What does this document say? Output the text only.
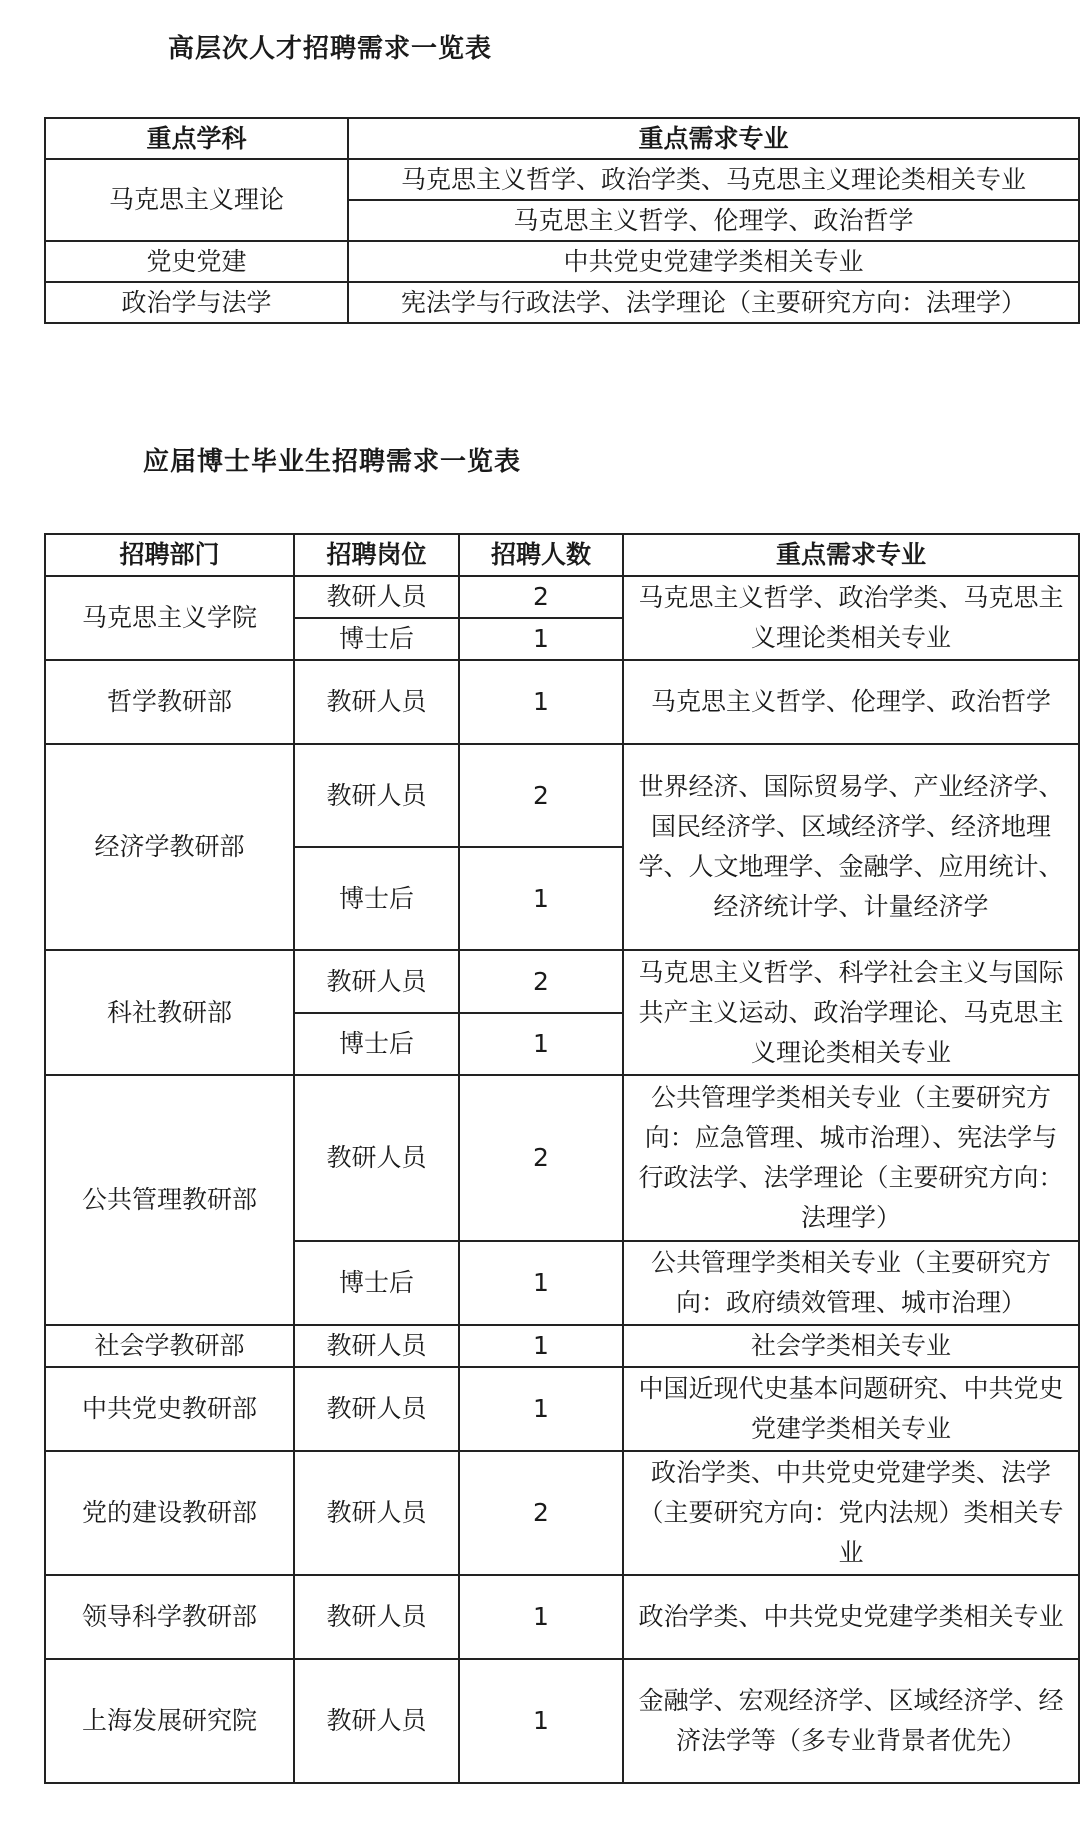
高层次人才招聘需求一览表
重点学科	重点需求专业
马克思主义理论	马克思主义哲学、政治学类、马克思主义理论类相关专业
	马克思主义哲学、伦理学、政治哲学
党史党建	中共党史党建学类相关专业
政治学与法学	宪法学与行政法学、法学理论（主要研究方向：法理学）
应届博士毕业生招聘需求一览表
招聘部门	招聘岗位	招聘人数	重点需求专业
马克思主义学院	教研人员	2	马克思主义哲学、政治学类、马克思主义理论类相关专业
	博士后	1	
哲学教研部	教研人员	1	马克思主义哲学、伦理学、政治哲学
经济学教研部	教研人员	2	世界经济、国际贸易学、产业经济学、国民经济学、区域经济学、经济地理学、人文地理学、金融学、应用统计、经济统计学、计量经济学
	博士后	1	
科社教研部	教研人员	2	马克思主义哲学、科学社会主义与国际共产主义运动、政治学理论、马克思主义理论类相关专业
	博士后	1	
公共管理教研部	教研人员	2	公共管理学类相关专业（主要研究方向：应急管理、城市治理）、宪法学与行政法学、法学理论（主要研究方向：法理学）
	博士后	1	公共管理学类相关专业（主要研究方向：政府绩效管理、城市治理）
社会学教研部	教研人员	1	社会学类相关专业
中共党史教研部	教研人员	1	中国近现代史基本问题研究、中共党史党建学类相关专业
党的建设教研部	教研人员	2	政治学类、中共党史党建学类、法学（主要研究方向：党内法规）类相关专业
领导科学教研部	教研人员	1	政治学类、中共党史党建学类相关专业
上海发展研究院	教研人员	1	金融学、宏观经济学、区域经济学、经济法学等（多专业背景者优先）
